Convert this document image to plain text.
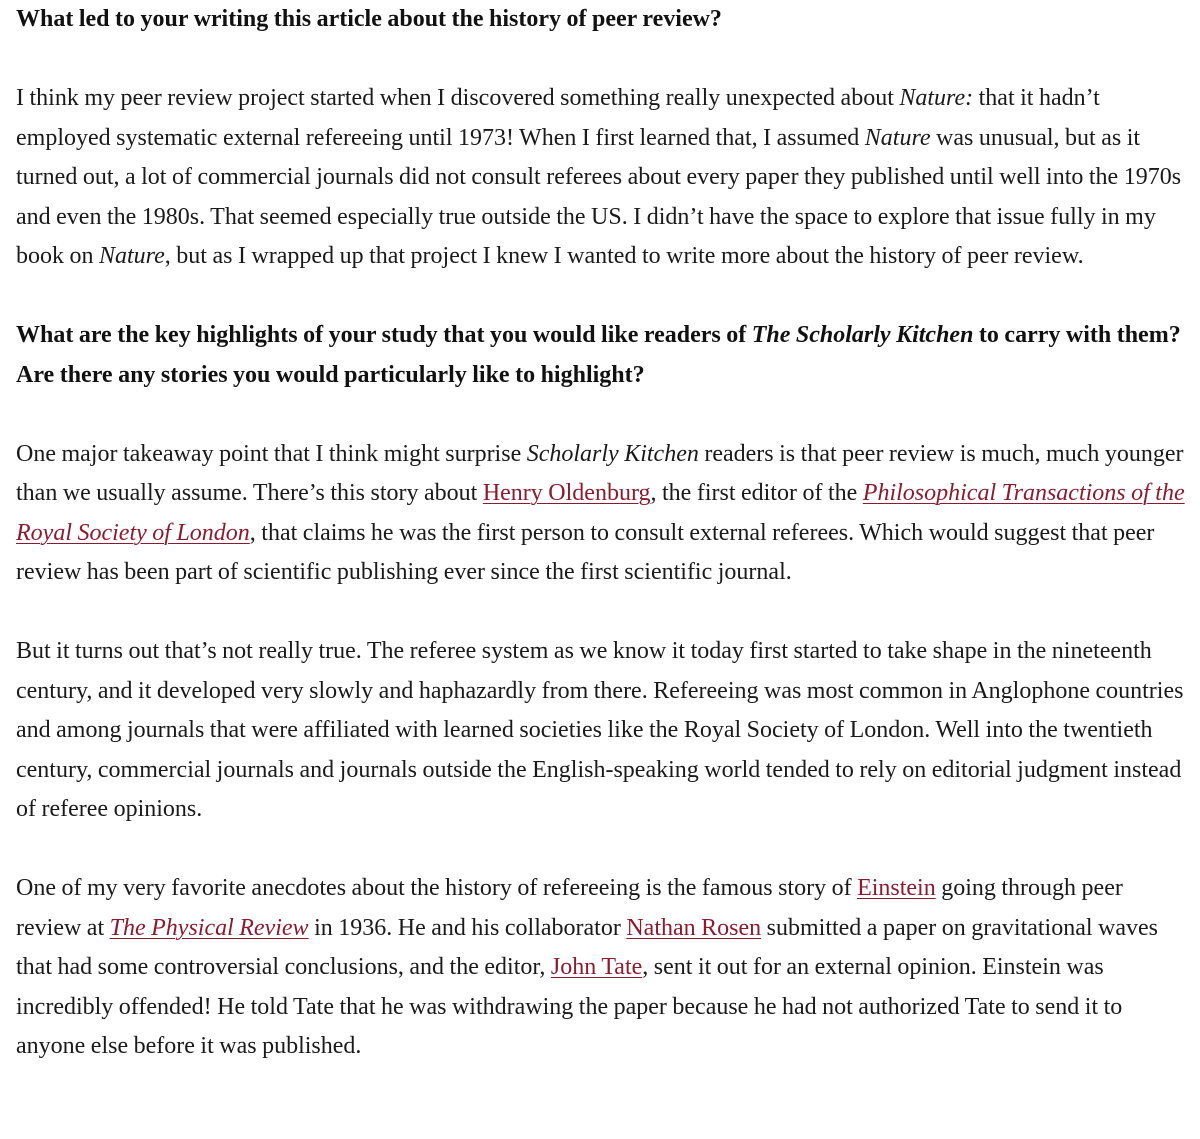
What led to your writing this article about the history of peer review?

I think my peer review project started when I discovered something really unexpected about Nature: that it hadn’t employed systematic external refereeing until 1973! When I first learned that, I assumed Nature was unusual, but as it turned out, a lot of commercial journals did not consult referees about every paper they published until well into the 1970s and even the 1980s. That seemed especially true outside the US. I didn’t have the space to explore that issue fully in my book on Nature, but as I wrapped up that project I knew I wanted to write more about the history of peer review.

What are the key highlights of your study that you would like readers of The Scholarly Kitchen to carry with them? Are there any stories you would particularly like to highlight?

One major takeaway point that I think might surprise Scholarly Kitchen readers is that peer review is much, much younger than we usually assume. There’s this story about Henry Oldenburg, the first editor of the Philosophical Transactions of the Royal Society of London, that claims he was the first person to consult external referees. Which would suggest that peer review has been part of scientific publishing ever since the first scientific journal.

But it turns out that’s not really true. The referee system as we know it today first started to take shape in the nineteenth century, and it developed very slowly and haphazardly from there. Refereeing was most common in Anglophone countries and among journals that were affiliated with learned societies like the Royal Society of London. Well into the twentieth century, commercial journals and journals outside the English-speaking world tended to rely on editorial judgment instead of referee opinions.

One of my very favorite anecdotes about the history of refereeing is the famous story of Einstein going through peer review at The Physical Review in 1936. He and his collaborator Nathan Rosen submitted a paper on gravitational waves that had some controversial conclusions, and the editor, John Tate, sent it out for an external opinion. Einstein was incredibly offended! He told Tate that he was withdrawing the paper because he had not authorized Tate to send it to anyone else before it was published.
